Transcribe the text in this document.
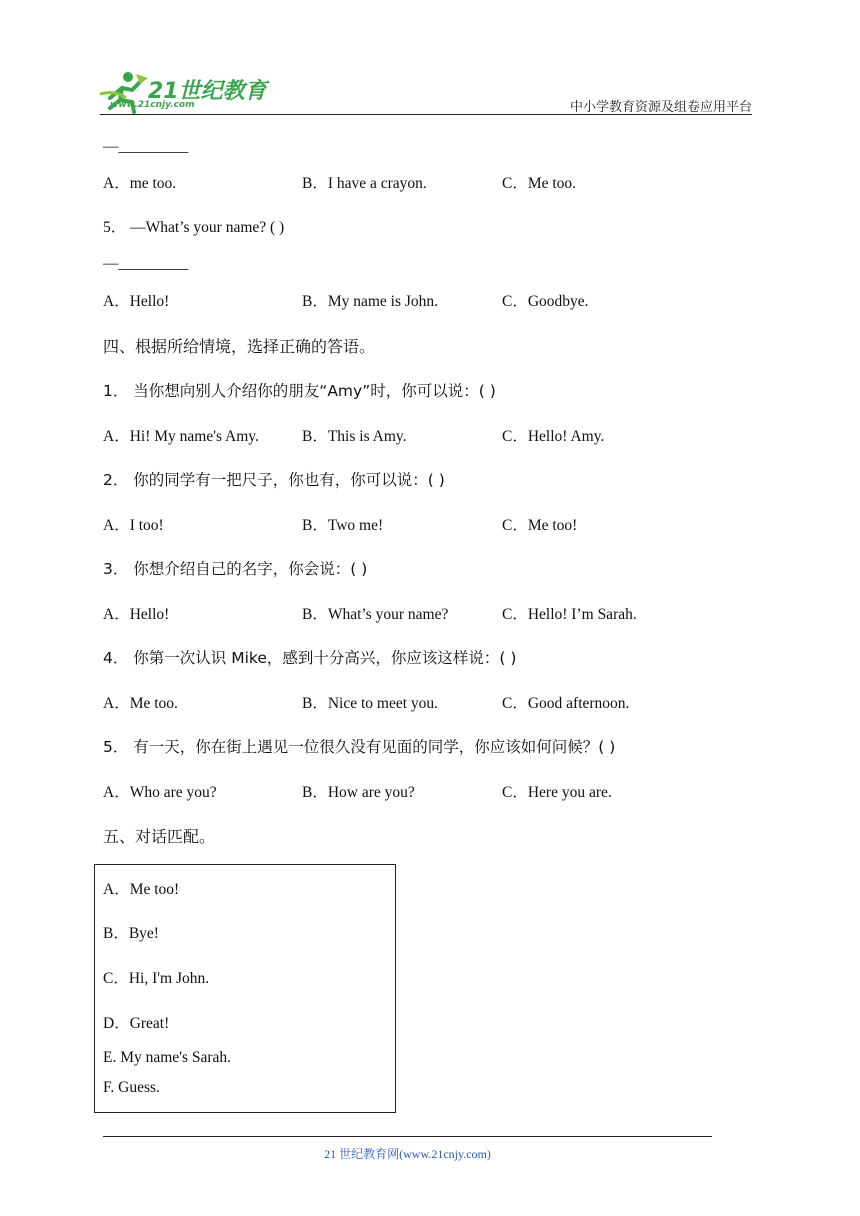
21世纪教育
www.21cnjy.com	中小学教育资源及组卷应用平台
—_________
A．me too.	B．I have a crayon.	C．Me too.
5． —What’s your name? ( )
—_________
A．Hello!	B．My name is John.	C．Goodbye.
四、根据所给情境，选择正确的答语。
1． 当你想向别人介绍你的朋友“Amy”时，你可以说：( )
A．Hi! My name's Amy.	B．This is Amy.	C．Hello! Amy.
2． 你的同学有一把尺子，你也有，你可以说：( )
A．I too!	B．Two me!	C．Me too!
3． 你想介绍自己的名字，你会说：( )
A．Hello!	B．What’s your name?	C．Hello! I’m Sarah.
4． 你第一次认识 Mike，感到十分高兴，你应该这样说：( )
A．Me too.	B．Nice to meet you.	C．Good afternoon.
5． 有一天，你在街上遇见一位很久没有见面的同学，你应该如何问候？( )
A．Who are you?	B．How are you?	C．Here you are.
五、对话匹配。
A．Me too!
B．Bye!
C．Hi, I'm John.
D．Great!
E. My name's Sarah.
F. Guess.
21 世纪教育网(www.21cnjy.com)
